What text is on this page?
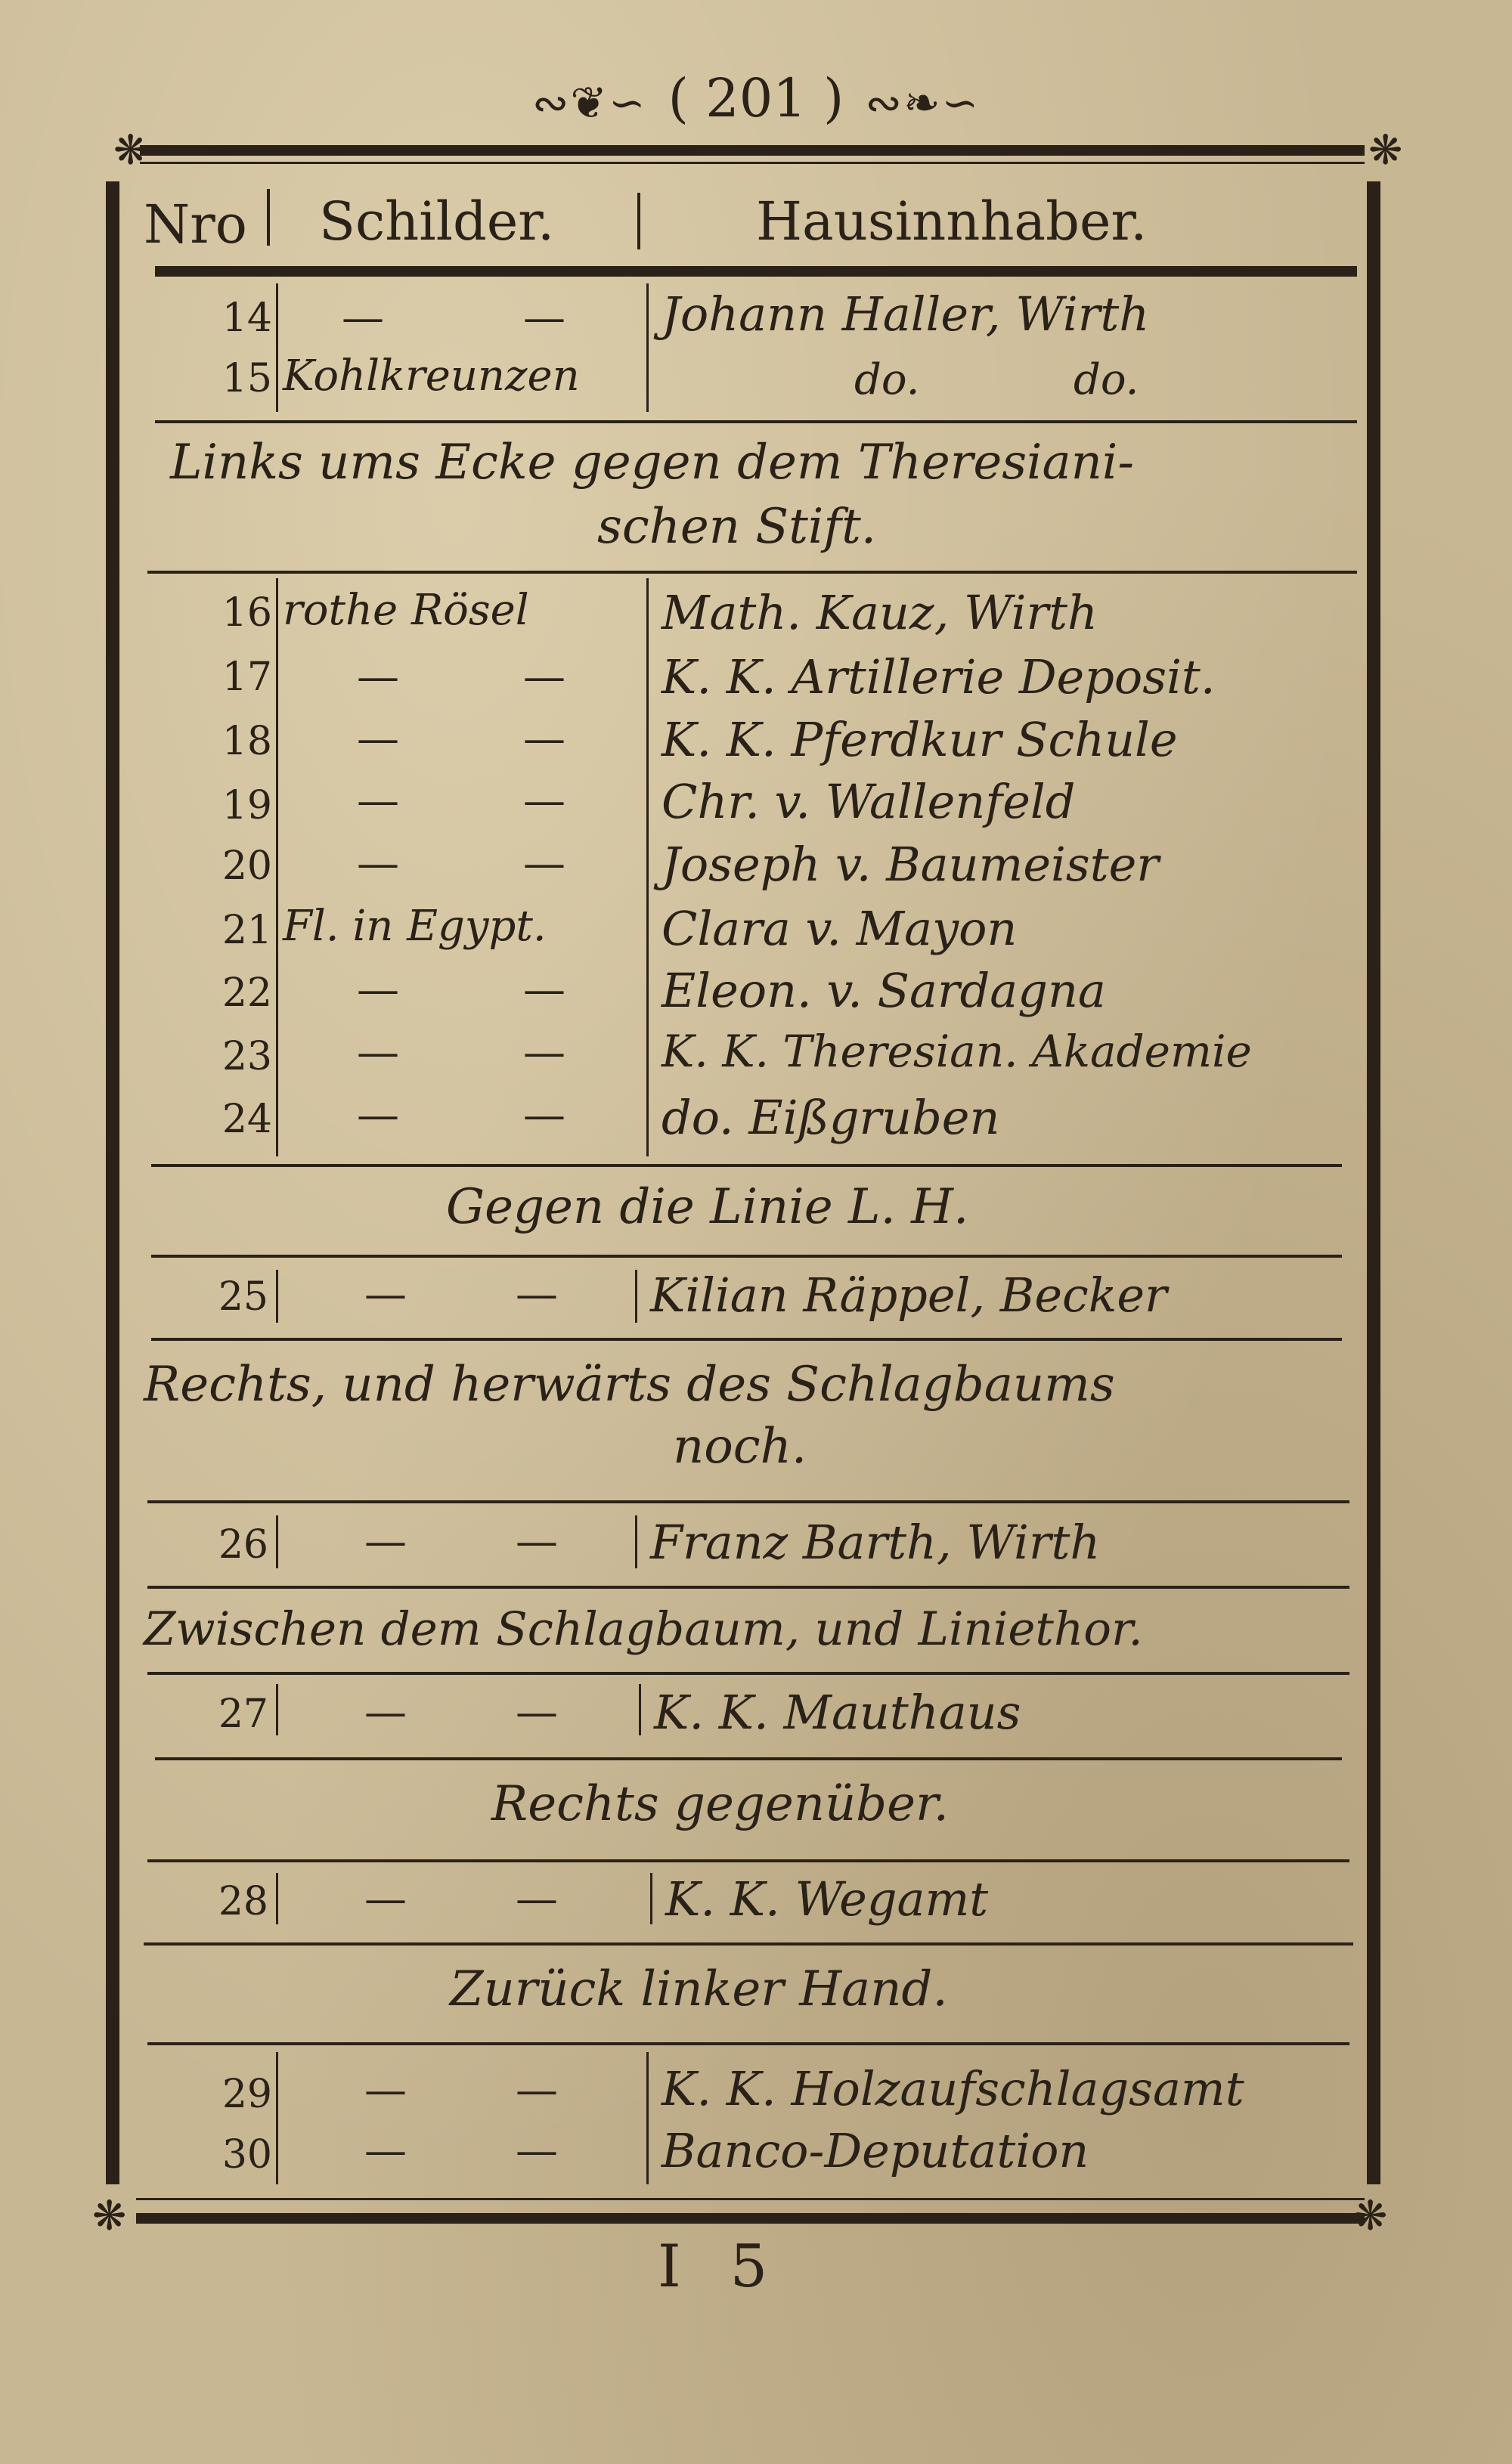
∾❦∽ ( 201 ) ∾❧∽
❋	❋
❋	❋
Nro Schilder.	Hausinnhaber.
14	—	—	Johann Haller, Wirth
15 Kohlkreunzen	do.	do.
Links ums Ecke gegen dem Theresiani-
schen Stift.
16 rothe Rösel	Math. Kauz, Wirth
17	—	—	K. K. Artillerie Deposit.
18	—	—	K. K. Pferdkur Schule
19	—	—	Chr. v. Wallenfeld
20	—	—	Joseph v. Baumeister
21 Fl. in Egypt.	Clara v. Mayon
22	—	—	Eleon. v. Sardagna
23	—	—	K. K. Theresian. Akademie
24	—	—	do. Eißgruben
Gegen die Linie L. H.
25	—	—	Kilian Räppel, Becker
Rechts, und herwärts des Schlagbaums
noch.
26	—	—	Franz Barth, Wirth
Zwischen dem Schlagbaum, und Liniethor.
27	—	—	K. K. Mauthaus
Rechts gegenüber.
28	—	—	K. K. Wegamt
Zurück linker Hand.
29	—	—	K. K. Holzaufschlagsamt
30	—	—	Banco-Deputation
I 5
